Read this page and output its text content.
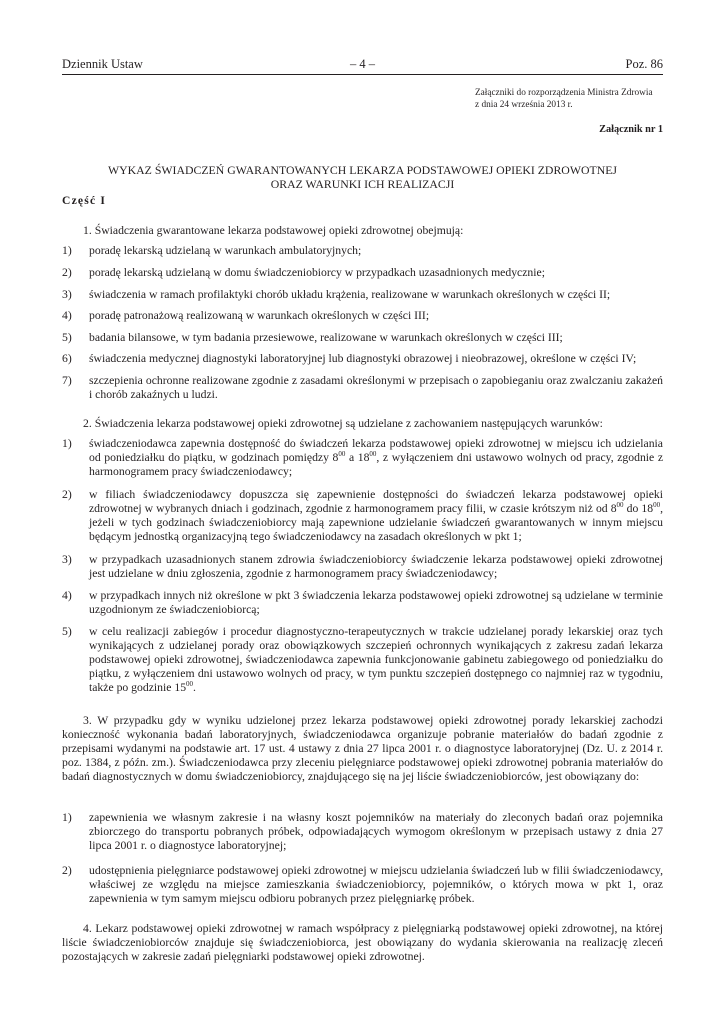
Dziennik Ustaw	– 4 –	Poz. 86
Załączniki do rozporządzenia Ministra Zdrowia
z dnia 24 września 2013 r.
Załącznik nr 1
WYKAZ ŚWIADCZEŃ GWARANTOWANYCH LEKARZA PODSTAWOWEJ OPIEKI ZDROWOTNEJ
ORAZ WARUNKI ICH REALIZACJI
Część I

1. Świadczenia gwarantowane lekarza podstawowej opieki zdrowotnej obejmują:

1) poradę lekarską udzielaną w warunkach ambulatoryjnych;
2) poradę lekarską udzielaną w domu świadczeniobiorcy w przypadkach uzasadnionych medycznie;
3) świadczenia w ramach profilaktyki chorób układu krążenia, realizowane w warunkach określonych w części II;
4) poradę patronażową realizowaną w warunkach określonych w części III;
5) badania bilansowe, w tym badania przesiewowe, realizowane w warunkach określonych w części III;
6) świadczenia medycznej diagnostyki laboratoryjnej lub diagnostyki obrazowej i nieobrazowej, określone w części IV;
7) szczepienia ochronne realizowane zgodnie z zasadami określonymi w przepisach o zapobieganiu oraz zwalczaniu zakażeń i chorób zakaźnych u ludzi.

2. Świadczenia lekarza podstawowej opieki zdrowotnej są udzielane z zachowaniem następujących warunków:

1) świadczeniodawca zapewnia dostępność do świadczeń lekarza podstawowej opieki zdrowotnej w miejscu ich udzielania od poniedziałku do piątku, w godzinach pomiędzy $8^{00}$ a $18^{00}$, z wyłączeniem dni ustawowo wolnych od pracy, zgodnie z harmonogramem pracy świadczeniodawcy;
2) w filiach świadczeniodawcy dopuszcza się zapewnienie dostępności do świadczeń lekarza podstawowej opieki zdrowotnej w wybranych dniach i godzinach, zgodnie z harmonogramem pracy filii, w czasie krótszym niż od $8^{00}$ do $18^{00}$, jeżeli w tych godzinach świadczeniobiorcy mają zapewnione udzielanie świadczeń gwarantowanych w innym miejscu będącym jednostką organizacyjną tego świadczeniodawcy na zasadach określonych w pkt 1;
3) w przypadkach uzasadnionych stanem zdrowia świadczeniobiorcy świadczenie lekarza podstawowej opieki zdrowotnej jest udzielane w dniu zgłoszenia, zgodnie z harmonogramem pracy świadczeniodawcy;
4) w przypadkach innych niż określone w pkt 3 świadczenia lekarza podstawowej opieki zdrowotnej są udzielane w terminie uzgodnionym ze świadczeniobiorcą;
5) w celu realizacji zabiegów i procedur diagnostyczno-terapeutycznych w trakcie udzielanej porady lekarskiej oraz tych wynikających z udzielanej porady oraz obowiązkowych szczepień ochronnych wynikających z zakresu zadań lekarza podstawowej opieki zdrowotnej, świadczeniodawca zapewnia funkcjonowanie gabinetu zabiegowego od poniedziałku do piątku, z wyłączeniem dni ustawowo wolnych od pracy, w tym punktu szczepień dostępnego co najmniej raz w tygodniu, także po godzinie $15^{00}$.

3. W przypadku gdy w wyniku udzielonej przez lekarza podstawowej opieki zdrowotnej porady lekarskiej zachodzi konieczność wykonania badań laboratoryjnych, świadczeniodawca organizuje pobranie materiałów do badań zgodnie z przepisami wydanymi na podstawie art. 17 ust. 4 ustawy z dnia 27 lipca 2001 r. o diagnostyce laboratoryjnej (Dz. U. z 2014 r. poz. 1384, z późn. zm.). Świadczeniodawca przy zleceniu pielęgniarce podstawowej opieki zdrowotnej pobrania materiałów do badań diagnostycznych w domu świadczeniobiorcy, znajdującego się na jej liście świadczeniobiorców, jest obowiązany do:

1) zapewnienia we własnym zakresie i na własny koszt pojemników na materiały do zleconych badań oraz pojemnika zbiorczego do transportu pobranych próbek, odpowiadających wymogom określonym w przepisach ustawy z dnia 27 lipca 2001 r. o diagnostyce laboratoryjnej;
2) udostępnienia pielęgniarce podstawowej opieki zdrowotnej w miejscu udzielania świadczeń lub w filii świadczeniodawcy, właściwej ze względu na miejsce zamieszkania świadczeniobiorcy, pojemników, o których mowa w pkt 1, oraz zapewnienia w tym samym miejscu odbioru pobranych przez pielęgniarkę próbek.

4. Lekarz podstawowej opieki zdrowotnej w ramach współpracy z pielęgniarką podstawowej opieki zdrowotnej, na której liście świadczeniobiorców znajduje się świadczeniobiorca, jest obowiązany do wydania skierowania na realizację zleceń pozostających w zakresie zadań pielęgniarki podstawowej opieki zdrowotnej.
